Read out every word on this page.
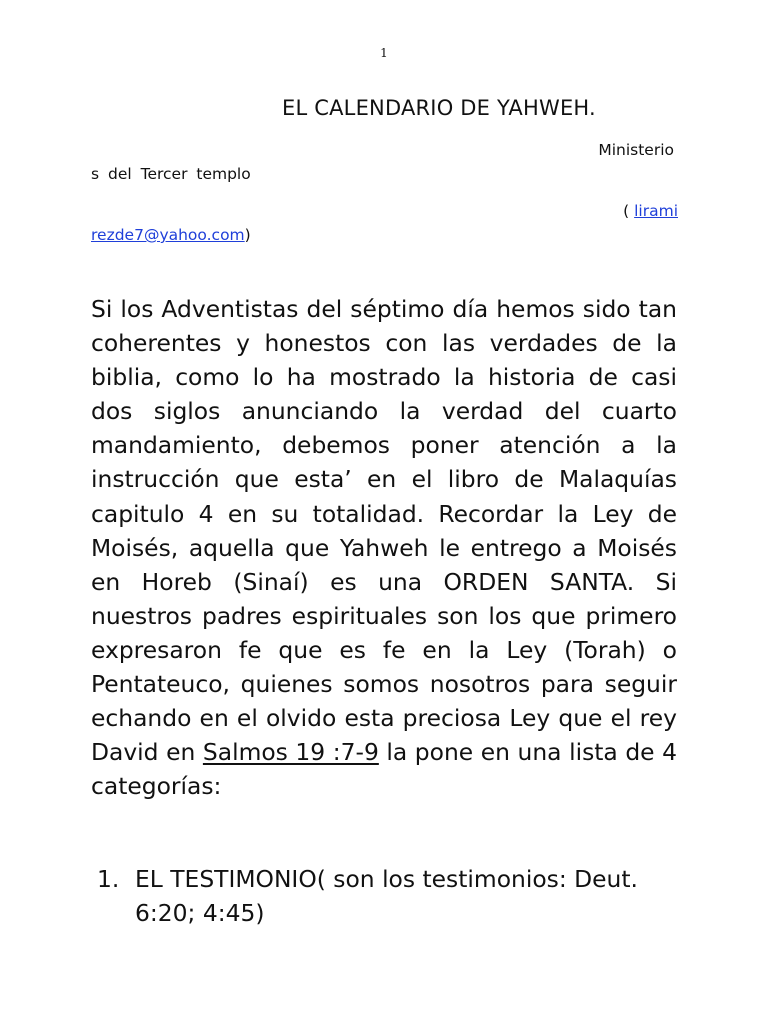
1
EL CALENDARIO DE YAHWEH.
Ministerio
s del Tercer templo
( lirami
rezde7@yahoo.com)

Si los Adventistas del séptimo día hemos sido tan coherentes y honestos con las verdades de la biblia, como lo ha mostrado la historia de casi dos siglos anunciando la verdad del cuarto mandamiento, debemos poner atención a la instrucción que esta’ en el libro de Malaquías capitulo 4 en su totalidad. Recordar la Ley de Moisés, aquella que Yahweh le entrego a Moisés en Horeb (Sinaí) es una ORDEN SANTA. Si nuestros padres espirituales son los que primero expresaron fe que es fe en la Ley (Torah) o Pentateuco, quienes somos nosotros para seguir echando en el olvido esta preciosa Ley que el rey David en Salmos 19 :7-9 la pone en una lista de 4 categorías:

1. EL TESTIMONIO( son los testimonios: Deut. 6:20; 4:45)
